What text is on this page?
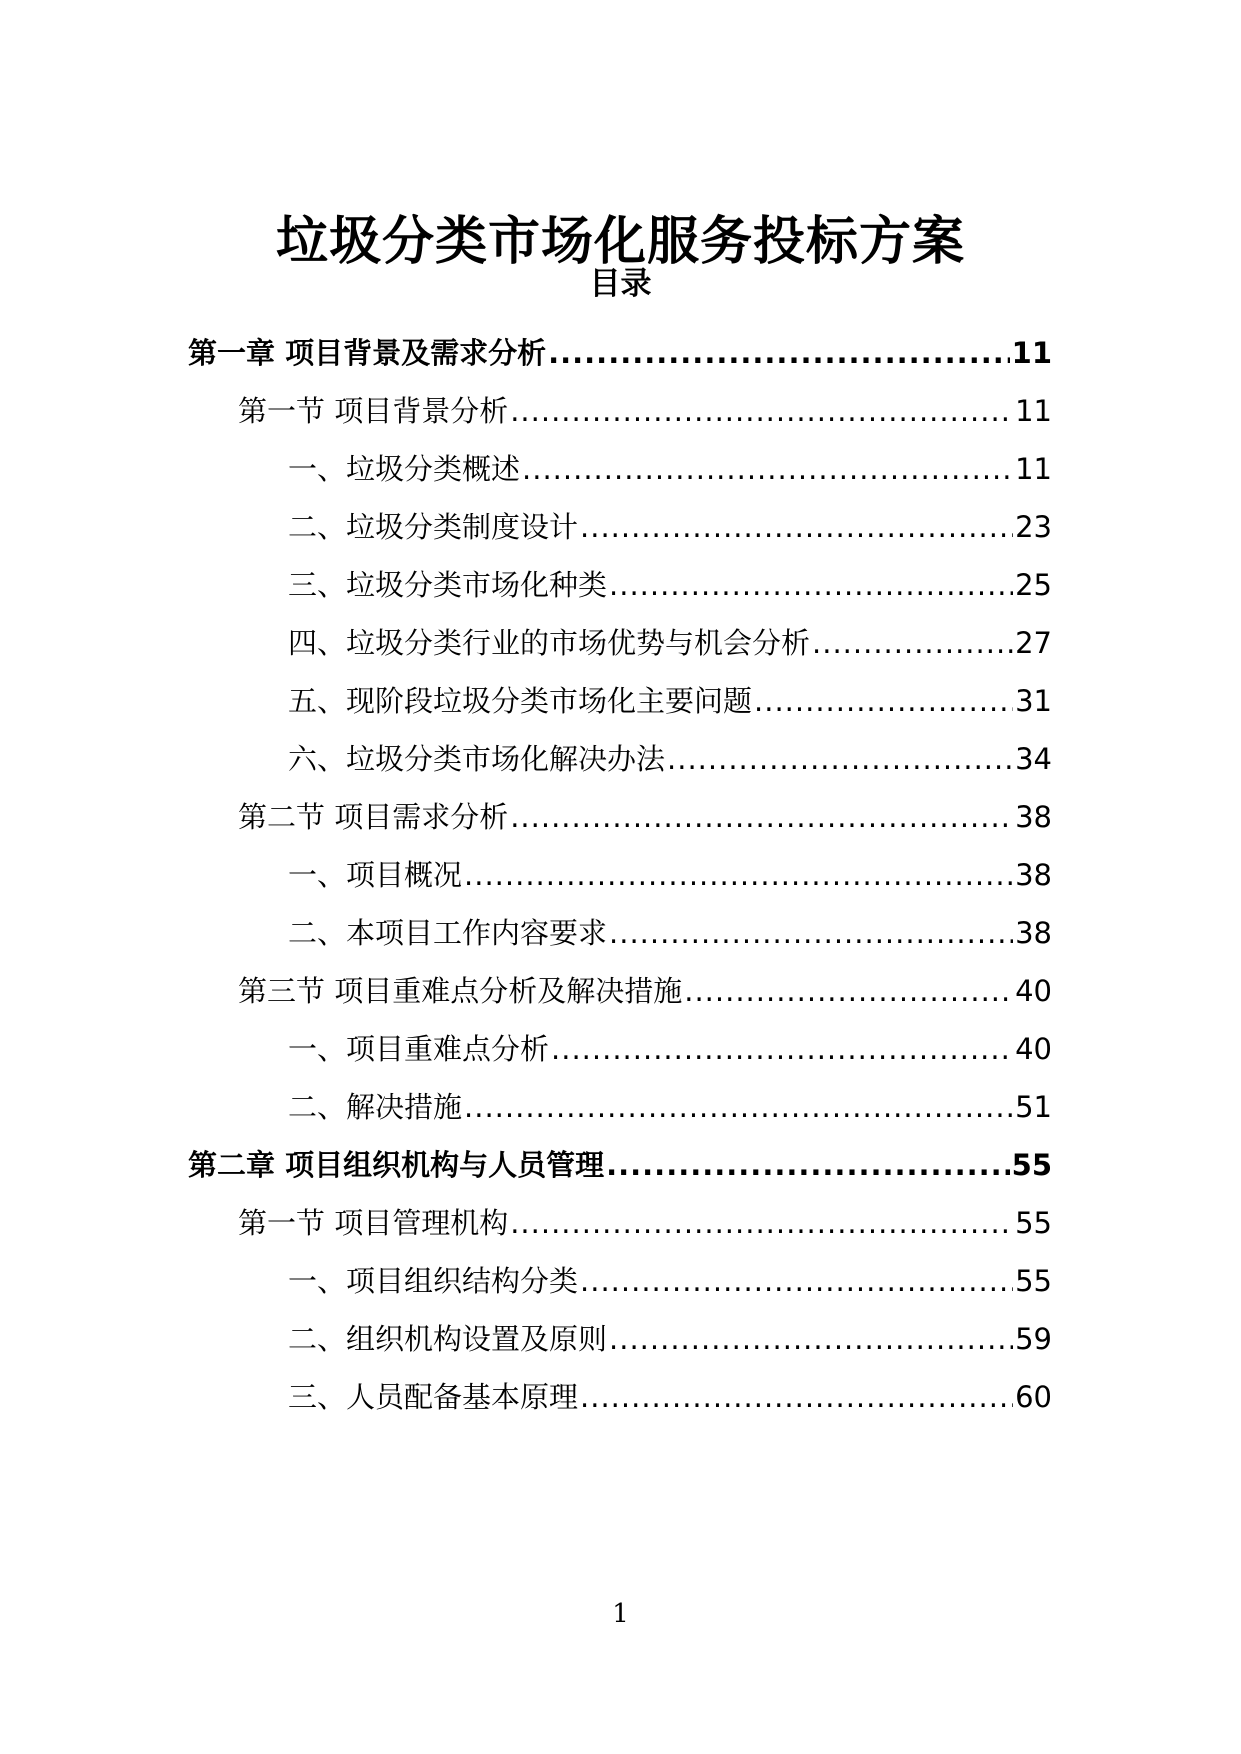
垃圾分类市场化服务投标方案
目录
第一章 项目背景及需求分析 .....	11
第一节 项目背景分析 .....	11
一、垃圾分类概述 .....	11
二、垃圾分类制度设计 .....	23
三、垃圾分类市场化种类 .....	25
四、垃圾分类行业的市场优势与机会分析 .....	27
五、现阶段垃圾分类市场化主要问题 .....	31
六、垃圾分类市场化解决办法 .....	34
第二节 项目需求分析 .....	38
一、项目概况 .....	38
二、本项目工作内容要求 .....	38
第三节 项目重难点分析及解决措施 .....	40
一、项目重难点分析 .....	40
二、解决措施 .....	51
第二章 项目组织机构与人员管理 .....	55
第一节 项目管理机构 .....	55
一、项目组织结构分类 .....	55
二、组织机构设置及原则 .....	59
三、人员配备基本原理 .....	60
1
